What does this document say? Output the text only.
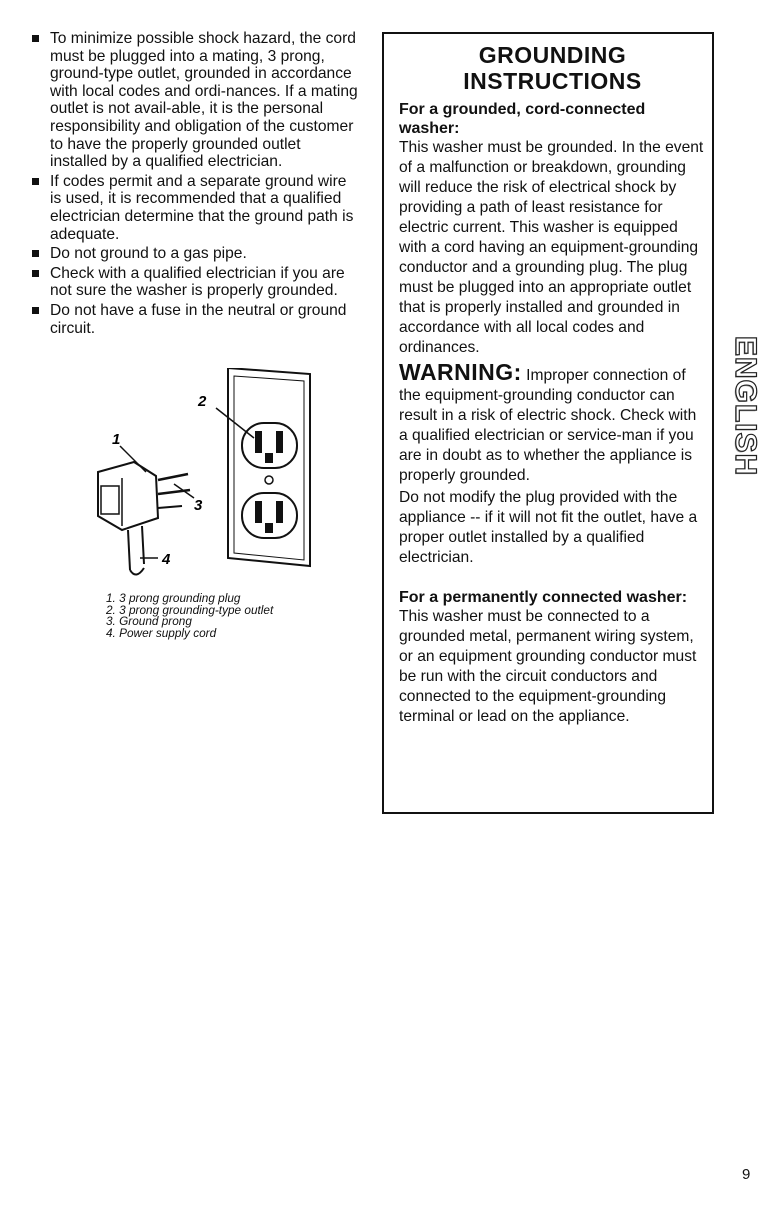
To minimize possible shock hazard, the cord must be plugged into a mating, 3 prong, ground-type outlet, grounded in accordance with local codes and ordi-nances. If a mating outlet is not avail-able, it is the personal responsibility and obligation of the customer to have the properly grounded outlet installed by a qualified electrician.
If codes permit and a separate ground wire is used, it is recommended that a qualified electrician determine that the ground path is adequate.
Do not ground to a gas pipe.
Check with a qualified electrician if you are not sure the washer is properly grounded.
Do not have a fuse in the neutral or ground circuit.
1
2
3
4
1. 3 prong grounding plug
2. 3 prong grounding-type outlet
3. Ground prong
4. Power supply cord
GROUNDING
INSTRUCTIONS

For a grounded, cord-connected washer:

This washer must be grounded. In the event of a malfunction or breakdown, grounding will reduce the risk of electrical shock by providing a path of least resistance for electric current. This washer is equipped with a cord having an equipment-grounding conductor and a grounding plug. The plug must be plugged into an appropriate outlet that is properly installed and grounded in accordance with all local codes and ordinances.

WARNING: Improper connection of the equipment-grounding conductor can result in a risk of electric shock. Check with a qualified electrician or service-man if you are in doubt as to whether the appliance is properly grounded.

Do not modify the plug provided with the appliance -- if it will not fit the outlet, have a proper outlet installed by a qualified electrician.

For a permanently connected washer:

This washer must be connected to a grounded metal, permanent wiring system, or an equipment grounding conductor must be run with the circuit conductors and connected to the equipment-grounding terminal or lead on the appliance.

ENGLISH
9
